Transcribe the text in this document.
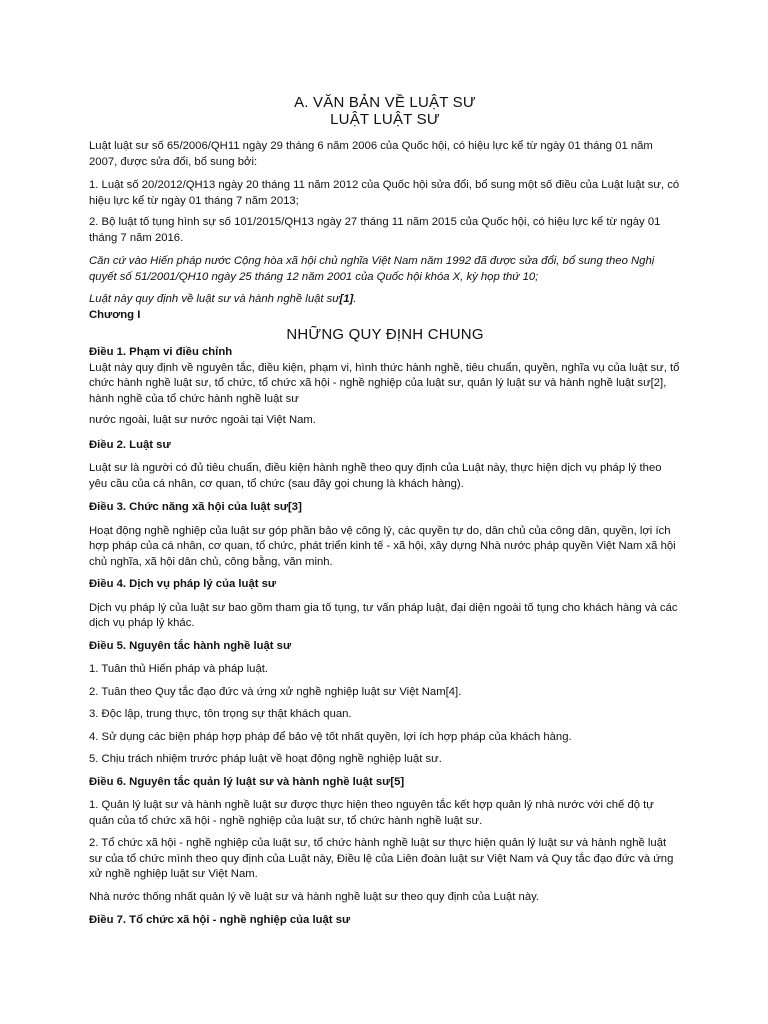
A. VĂN BẢN VỀ LUẬT SƯ
LUẬT LUẬT SƯ

Luật luật sư số 65/2006/QH11 ngày 29 tháng 6 năm 2006 của Quốc hội, có hiệu lực kể từ ngày 01 tháng 01 năm 2007, được sửa đổi, bổ sung bởi:

1. Luật số 20/2012/QH13 ngày 20 tháng 11 năm 2012 của Quốc hội sửa đổi, bổ sung một số điều của Luật luật sư, có hiệu lực kể từ ngày 01 tháng 7 năm 2013;

2. Bộ luật tố tụng hình sự số 101/2015/QH13 ngày 27 tháng 11 năm 2015 của Quốc hội, có hiệu lực kể từ ngày 01 tháng 7 năm 2016.

Căn cứ vào Hiến pháp nước Cộng hòa xã hội chủ nghĩa Việt Nam năm 1992 đã được sửa đổi, bổ sung theo Nghị quyết số 51/2001/QH10 ngày 25 tháng 12 năm 2001 của Quốc hội khóa X, kỳ họp thứ 10;

Luật này quy định về luật sư và hành nghề luật sư[1].

Chương I

NHỮNG QUY ĐỊNH CHUNG

Điều 1. Phạm vi điều chỉnh

Luật này quy định về nguyên tắc, điều kiện, phạm vi, hình thức hành nghề, tiêu chuẩn, quyền, nghĩa vụ của luật sư, tổ chức hành nghề luật sư, tổ chức, tổ chức xã hội - nghề nghiệp của luật sư, quản lý luật sư và hành nghề luật sư[2], hành nghề của tổ chức hành nghề luật sư

nước ngoài, luật sư nước ngoài tại Việt Nam.

Điều 2. Luật sư

Luật sư là người có đủ tiêu chuẩn, điều kiện hành nghề theo quy định của Luật này, thực hiện dịch vụ pháp lý theo yêu cầu của cá nhân, cơ quan, tổ chức (sau đây gọi chung là khách hàng).

Điều 3. Chức năng xã hội của luật sư[3]

Hoạt động nghề nghiệp của luật sư góp phần bảo vệ công lý, các quyền tự do, dân chủ của công dân, quyền, lợi ích hợp pháp của cá nhân, cơ quan, tổ chức, phát triển kinh tế - xã hội, xây dựng Nhà nước pháp quyền Việt Nam xã hội chủ nghĩa, xã hội dân chủ, công bằng, văn minh.

Điều 4. Dịch vụ pháp lý của luật sư

Dịch vụ pháp lý của luật sư bao gồm tham gia tố tụng, tư vấn pháp luật, đại diện ngoài tố tụng cho khách hàng và các dịch vụ pháp lý khác.

Điều 5. Nguyên tắc hành nghề luật sư

1. Tuân thủ Hiến pháp và pháp luật.

2. Tuân theo Quy tắc đạo đức và ứng xử nghề nghiệp luật sư Việt Nam[4].

3. Độc lập, trung thực, tôn trọng sự thật khách quan.

4. Sử dụng các biện pháp hợp pháp để bảo vệ tốt nhất quyền, lợi ích hợp pháp của khách hàng.

5. Chịu trách nhiệm trước pháp luật về hoạt động nghề nghiệp luật sư.

Điều 6. Nguyên tắc quản lý luật sư và hành nghề luật sư[5]

1. Quản lý luật sư và hành nghề luật sư được thực hiện theo nguyên tắc kết hợp quản lý nhà nước với chế độ tự quản của tổ chức xã hội - nghề nghiệp của luật sư, tổ chức hành nghề luật sư.

2. Tổ chức xã hội - nghề nghiệp của luật sư, tổ chức hành nghề luật sư thực hiện quản lý luật sư và hành nghề luật sư của tổ chức mình theo quy định của Luật này, Điều lệ của Liên đoàn luật sư Việt Nam và Quy tắc đạo đức và ứng xử nghề nghiệp luật sư Việt Nam.

Nhà nước thống nhất quản lý về luật sư và hành nghề luật sư theo quy định của Luật này.

Điều 7. Tổ chức xã hội - nghề nghiệp của luật sư
